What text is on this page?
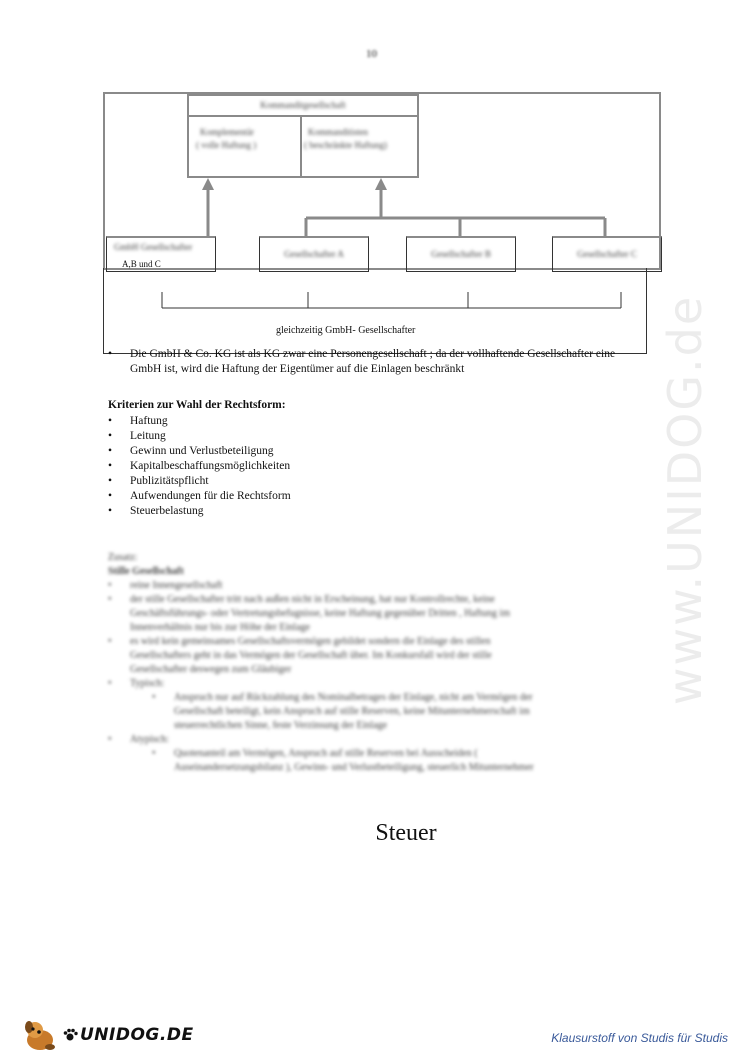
www.UNIDOG.de
10
Kommanditgesellschaft
Komplementär
( volle Haftung )
Kommanditisten
( beschränkte Haftung)
GmbH Gesellschafter
A,B und C
Gesellschafter A	Gesellschafter B	Gesellschafter C
gleichzeitig GmbH- Gesellschafter
• Die GmbH & Co. KG ist als KG zwar eine Personengesellschaft ; da der vollhaftende Gesellschafter eine GmbH ist, wird die Haftung der Eigentümer auf die Einlagen beschränkt
Kriterien zur Wahl der Rechtsform:
• Haftung
• Leitung
• Gewinn und Verlustbeteiligung
• Kapitalbeschaffungsmöglichkeiten
• Publizitätspflicht
• Aufwendungen für die Rechtsform
• Steuerbelastung
Zusatz:
Stille Gesellschaft
• reine Innengesellschaft
• der stille Gesellschafter tritt nach außen nicht in Erscheinung, hat nur Kontrollrechte, keine
Geschäftsführungs- oder Vertretungsbefugnisse, keine Haftung gegenüber Dritten , Haftung im
Innenverhältnis nur bis zur Höhe der Einlage
• es wird kein gemeinsames Gesellschaftsvermögen gebildet sondern die Einlage des stillen
Gesellschafters geht in das Vermögen der Gesellschaft über. Im Konkursfall wird der stille
Gesellschafter deswegen zum Gläubiger
• Typisch:
• Anspruch nur auf Rückzahlung des Nominalbetrages der Einlage, nicht am Vermögen der
Gesellschaft beteiligt, kein Anspruch auf stille Reserven, keine Mitunternehmerschaft im
steuerrechtlichen Sinne, feste Verzinsung der Einlage
• Atypisch:
• Quotenanteil am Vermögen, Anspruch auf stille Reserven bei Ausscheiden (
Auseinandersetzungsbilanz ), Gewinn- und Verlustbeteiligung, steuerlich Mitunternehmer
Steuer
UNIDOG.DE	Klausurstoff von Studis für Studis
